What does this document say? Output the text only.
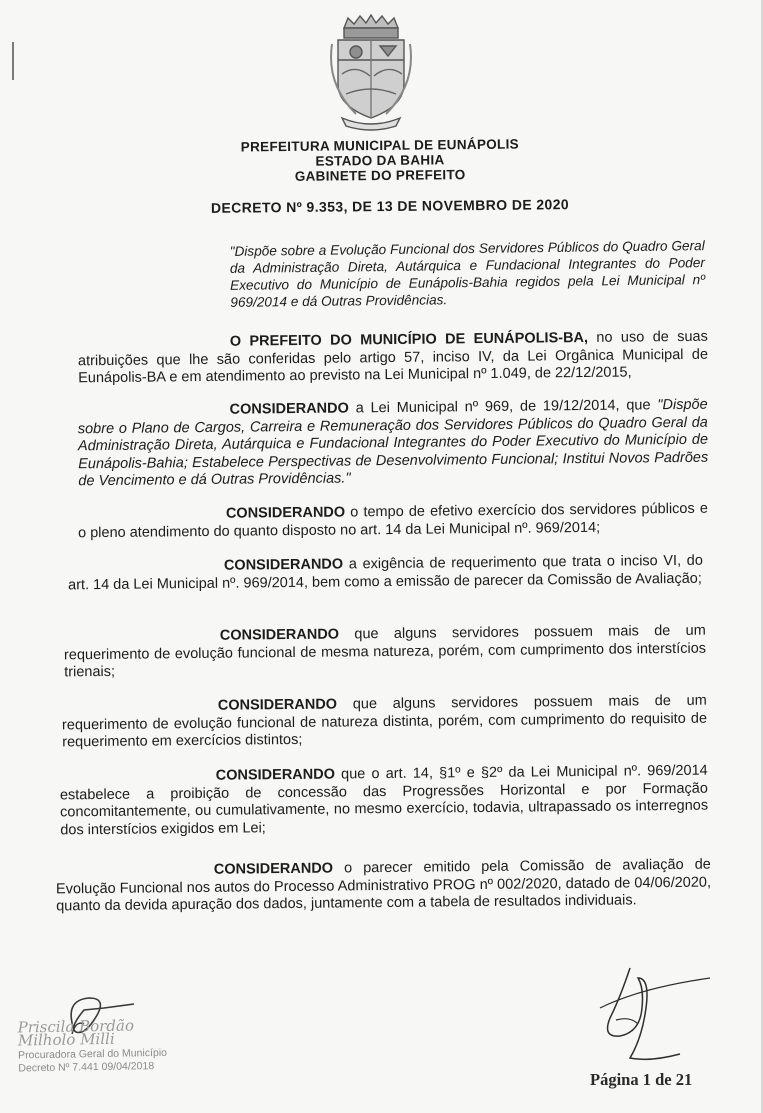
PREFEITURA MUNICIPAL DE EUNÁPOLIS
ESTADO DA BAHIA
GABINETE DO PREFEITO
DECRETO Nº 9.353, DE 13 DE NOVEMBRO DE 2020
"Dispõe sobre a Evolução Funcional dos Servidores Públicos do Quadro Geral da Administração Direta, Autárquica e Fundacional Integrantes do Poder Executivo do Município de Eunápolis-Bahia regidos pela Lei Municipal nº 969/2014 e dá Outras Providências.
O PREFEITO DO MUNICÍPIO DE EUNÁPOLIS-BA, no uso de suas atribuições que lhe são conferidas pelo artigo 57, inciso IV, da Lei Orgânica Municipal de Eunápolis-BA e em atendimento ao previsto na Lei Municipal nº 1.049, de 22/12/2015,
CONSIDERANDO a Lei Municipal nº 969, de 19/12/2014, que "Dispõe sobre o Plano de Cargos, Carreira e Remuneração dos Servidores Públicos do Quadro Geral da Administração Direta, Autárquica e Fundacional Integrantes do Poder Executivo do Município de Eunápolis-Bahia; Estabelece Perspectivas de Desenvolvimento Funcional; Institui Novos Padrões de Vencimento e dá Outras Providências."
CONSIDERANDO o tempo de efetivo exercício dos servidores públicos e o pleno atendimento do quanto disposto no art. 14 da Lei Municipal nº. 969/2014;
CONSIDERANDO a exigência de requerimento que trata o inciso VI, do art. 14 da Lei Municipal nº. 969/2014, bem como a emissão de parecer da Comissão de Avaliação;
CONSIDERANDO que alguns servidores possuem mais de um requerimento de evolução funcional de mesma natureza, porém, com cumprimento dos interstícios trienais;
CONSIDERANDO que alguns servidores possuem mais de um requerimento de evolução funcional de natureza distinta, porém, com cumprimento do requisito de requerimento em exercícios distintos;
CONSIDERANDO que o art. 14, §1º e §2º da Lei Municipal nº. 969/2014 estabelece a proibição de concessão das Progressões Horizontal e por Formação concomitantemente, ou cumulativamente, no mesmo exercício, todavia, ultrapassado os interregnos dos interstícios exigidos em Lei;
CONSIDERANDO o parecer emitido pela Comissão de avaliação de Evolução Funcional nos autos do Processo Administrativo PROG nº 002/2020, datado de 04/06/2020, quanto da devida apuração dos dados, juntamente com a tabela de resultados individuais.
Priscila Bordão Milholo Milli
Procuradora Geral do Município
Decreto Nº 7.441 09/04/2018
Página 1 de 21
